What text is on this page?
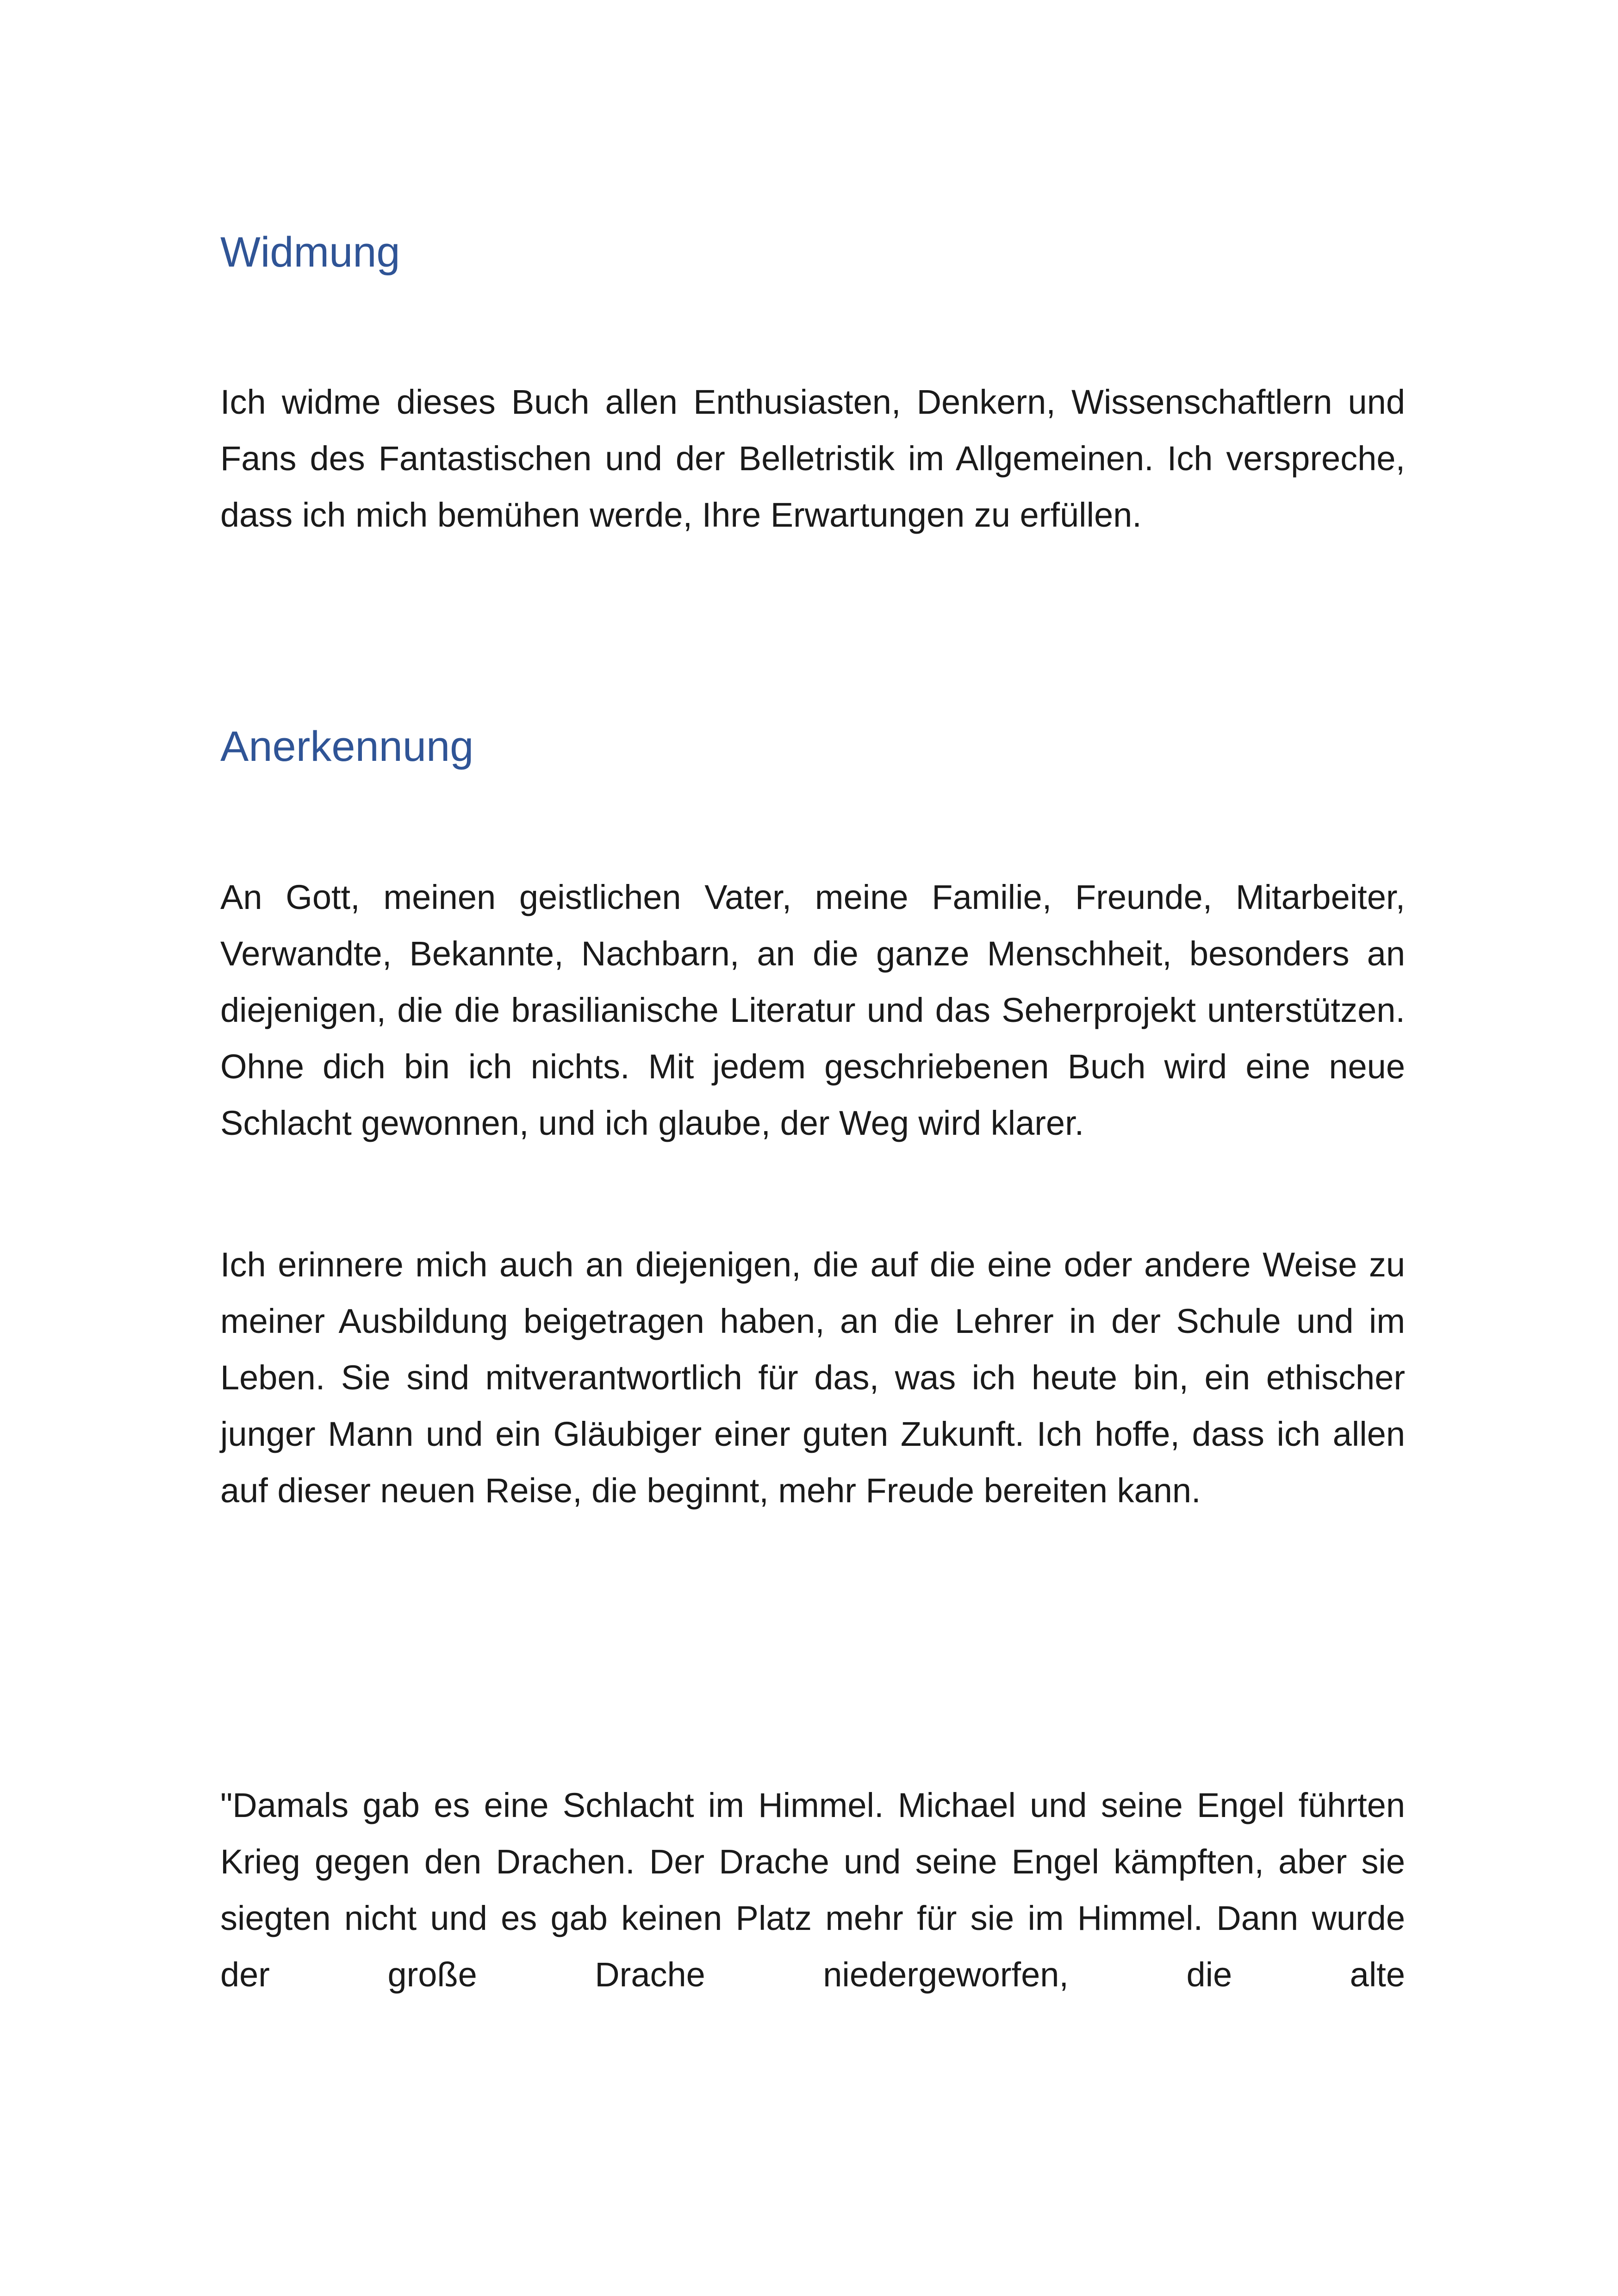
Widmung

Ich widme dieses Buch allen Enthusiasten, Denkern, Wissenschaftlern und Fans des Fantastischen und der Belletristik im Allgemeinen. Ich verspreche, dass ich mich bemühen werde, Ihre Erwartungen zu erfüllen.

Anerkennung

An Gott, meinen geistlichen Vater, meine Familie, Freunde, Mitarbeiter, Verwandte, Bekannte, Nachbarn, an die ganze Menschheit, besonders an diejenigen, die die brasilianische Literatur und das Seherprojekt unterstützen. Ohne dich bin ich nichts. Mit jedem geschriebenen Buch wird eine neue Schlacht gewonnen, und ich glaube, der Weg wird klarer.

Ich erinnere mich auch an diejenigen, die auf die eine oder andere Weise zu meiner Ausbildung beigetragen haben, an die Lehrer in der Schule und im Leben. Sie sind mitverantwortlich für das, was ich heute bin, ein ethischer junger Mann und ein Gläubiger einer guten Zukunft. Ich hoffe, dass ich allen auf dieser neuen Reise, die beginnt, mehr Freude bereiten kann.

"Damals gab es eine Schlacht im Himmel. Michael und seine Engel führten Krieg gegen den Drachen. Der Drache und seine Engel kämpften, aber sie siegten nicht und es gab keinen Platz mehr für sie im Himmel. Dann wurde der große Drache niedergeworfen, die alte
